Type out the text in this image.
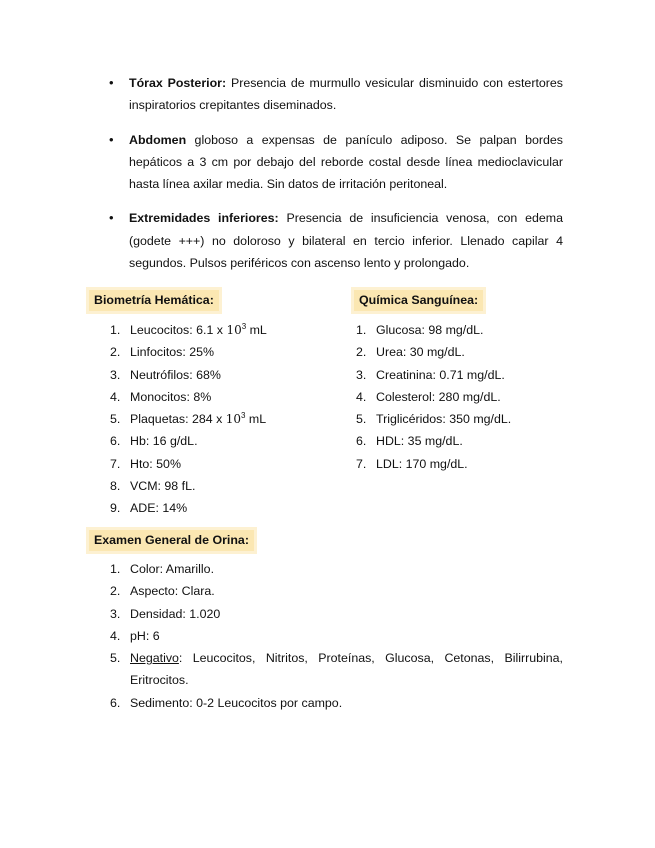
• Tórax Posterior: Presencia de murmullo vesicular disminuido con estertores inspiratorios crepitantes diseminados.
• Abdomen globoso a expensas de panículo adiposo. Se palpan bordes hepáticos a 3 cm por debajo del reborde costal desde línea medioclavicular hasta línea axilar media. Sin datos de irritación peritoneal.
• Extremidades inferiores: Presencia de insuficiencia venosa, con edema (godete +++) no doloroso y bilateral en tercio inferior. Llenado capilar 4 segundos. Pulsos periféricos con ascenso lento y prolongado.
Biometría Hemática:	Química Sanguínea:
1. Leucocitos: 6.1 x $10^3$ mL
2. Linfocitos: 25%
3. Neutrófilos: 68%
4. Monocitos: 8%
5. Plaquetas: 284 x $10^3$ mL
6. Hb: 16 g/dL.
7. Hto: 50%
8. VCM: 98 fL.
9. ADE: 14%
1. Glucosa: 98 mg/dL.
2. Urea: 30 mg/dL.
3. Creatinina: 0.71 mg/dL.
4. Colesterol: 280 mg/dL.
5. Triglicéridos: 350 mg/dL.
6. HDL: 35 mg/dL.
7. LDL: 170 mg/dL.
Examen General de Orina:
1. Color: Amarillo.
2. Aspecto: Clara.
3. Densidad: 1.020
4. pH: 6
5. Negativo: Leucocitos, Nitritos, Proteínas, Glucosa, Cetonas, Bilirrubina, Eritrocitos.
6. Sedimento: 0-2 Leucocitos por campo.
